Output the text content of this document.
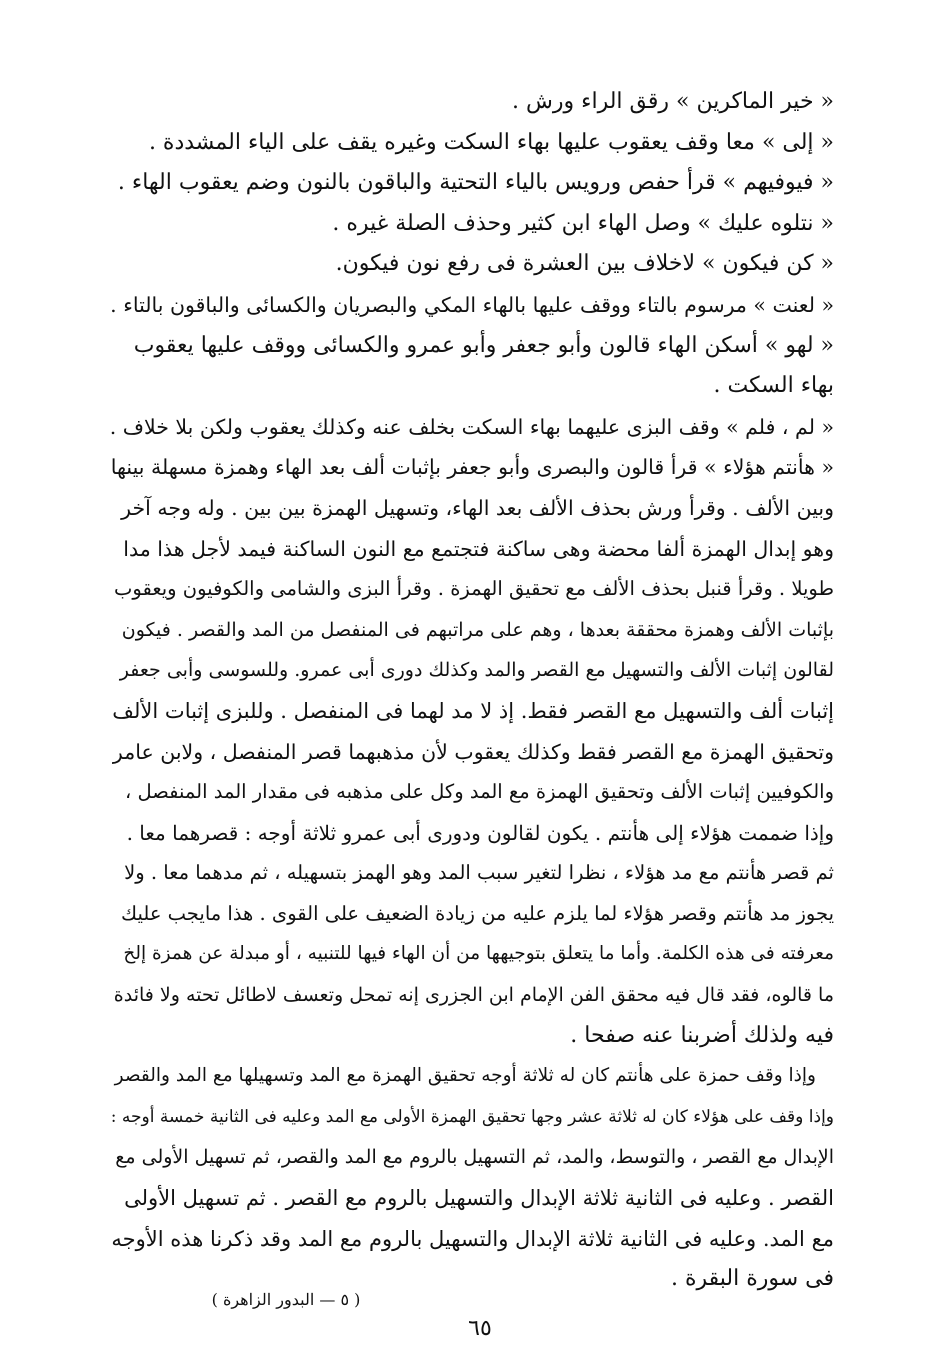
« خير الماكرين » رقق الراء ورش .
« إلى » معا وقف يعقوب عليها بهاء السكت وغيره يقف على الياء المشددة .
« فيوفيهم » قرأ حفص ورويس بالياء التحتية والباقون بالنون وضم يعقوب الهاء .
« نتلوه عليك » وصل الهاء ابن كثير وحذف الصلة غيره .
« كن فيكون » لاخلاف بين العشرة فى رفع نون فيكون.
« لعنت » مرسوم بالتاء ووقف عليها بالهاء المكي والبصريان والكسائى والباقون بالتاء .
« لهو » أسكن الهاء قالون وأبو جعفر وأبو عمرو والكسائى ووقف عليها يعقوب
بهاء السكت .
« لم ، فلم » وقف البزى عليهما بهاء السكت بخلف عنه وكذلك يعقوب ولكن بلا خلاف .
« هأنتم هؤلاء » قرأ قالون والبصرى وأبو جعفر بإثبات ألف بعد الهاء وهمزة مسهلة بينها
وبين الألف . وقرأ ورش بحذف الألف بعد الهاء، وتسهيل الهمزة بين بين . وله وجه آخر
وهو إبدال الهمزة ألفا محضة وهى ساكنة فتجتمع مع النون الساكنة فيمد لأجل هذا مدا
طويلا . وقرأ قنبل بحذف الألف مع تحقيق الهمزة . وقرأ البزى والشامى والكوفيون ويعقوب
بإثبات الألف وهمزة محققة بعدها ، وهم على مراتبهم فى المنفصل من المد والقصر . فيكون
لقالون إثبات الألف والتسهيل مع القصر والمد وكذلك دورى أبى عمرو. وللسوسى وأبى جعفر
إثبات ألف والتسهيل مع القصر فقط. إذ لا مد لهما فى المنفصل . وللبزى إثبات الألف
وتحقيق الهمزة مع القصر فقط وكذلك يعقوب لأن مذهبهما قصر المنفصل ، ولابن عامر
والكوفيين إثبات الألف وتحقيق الهمزة مع المد وكل على مذهبه فى مقدار المد المنفصل ،
وإذا ضممت هؤلاء إلى هأنتم . يكون لقالون ودورى أبى عمرو ثلاثة أوجه : قصرهما معا .
ثم قصر هأنتم مع مد هؤلاء ، نظرا لتغير سبب المد وهو الهمز بتسهيله ، ثم مدهما معا . ولا
يجوز مد هأنتم وقصر هؤلاء لما يلزم عليه من زيادة الضعيف على القوى . هذا مايجب عليك
معرفته فى هذه الكلمة. وأما ما يتعلق بتوجيهها من أن الهاء فيها للتنبيه ، أو مبدلة عن همزة إلخ
ما قالوه، فقد قال فيه محقق الفن الإمام ابن الجزرى إنه تمحل وتعسف لاطائل تحته ولا فائدة
فيه ولذلك أضربنا عنه صفحا .
وإذا وقف حمزة على هأنتم كان له ثلاثة أوجه تحقيق الهمزة مع المد وتسهيلها مع المد والقصر
وإذا وقف على هؤلاء كان له ثلاثة عشر وجها تحقيق الهمزة الأولى مع المد وعليه فى الثانية خمسة أوجه :
الإبدال مع القصر ، والتوسط، والمد، ثم التسهيل بالروم مع المد والقصر، ثم تسهيل الأولى مع
القصر . وعليه فى الثانية ثلاثة الإبدال والتسهيل بالروم مع القصر . ثم تسهيل الأولى
مع المد. وعليه فى الثانية ثلاثة الإبدال والتسهيل بالروم مع المد وقد ذكرنا هذه الأوجه
فى سورة البقرة .
( ٥ — البدور الزاهرة )
٦٥
